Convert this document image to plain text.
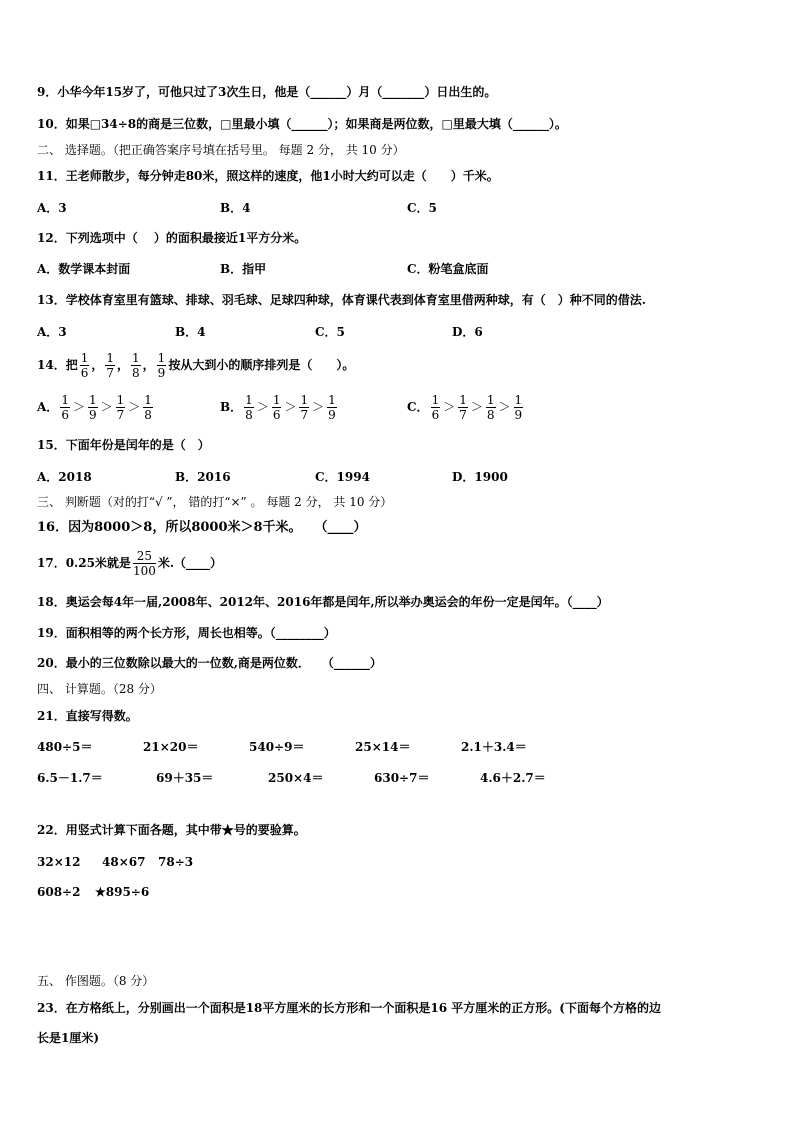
9．小华今年15岁了，可他只过了3次生日，他是（______）月（_______）日出生的。
10．如果□34÷8的商是三位数，□里最小填（______）；如果商是两位数，□里最大填（______）。
二、 选择题。（把正确答案序号填在括号里。 每题 2 分， 共 10 分）
11．王老师散步，每分钟走80米，照这样的速度，他1小时大约可以走（　　）千米。
A．3	B．4	C．5
12．下列选项中（　 ）的面积最接近1平方分米。
A．数学课本封面	B．指甲	C．粉笔盒底面
13．学校体育室里有篮球、排球、羽毛球、足球四种球，体育课代表到体育室里借两种球，有（　）种不同的借法.
A．3	B．4	C．5	D．6
14．把 $\frac{1}{6}$ ， $\frac{1}{7}$ ， $\frac{1}{8}$ ， $\frac{1}{9}$ 按从大到小的顺序排列是（　　）。
A． $\frac{1}{6} > \frac{1}{9} > \frac{1}{7} > \frac{1}{8}$	B． $\frac{1}{8} > \frac{1}{6} > \frac{1}{7} > \frac{1}{9}$	C． $\frac{1}{6} > \frac{1}{7} > \frac{1}{8} > \frac{1}{9}$
15．下面年份是闰年的是（　）
A．2018	B．2016	C．1994	D．1900
三、 判断题（对的打“√ ”， 错的打“×” 。 每题 2 分， 共 10 分）
16．因为8000＞8，所以8000米＞8千米。　　（____）
17．0.25米就是 $\frac{25}{100}$ 米.（____）
18．奥运会每4年一届,2008年、2012年、2016年都是闰年,所以举办奥运会的年份一定是闰年。（____）
19．面积相等的两个长方形，周长也相等。（________）
20．最小的三位数除以最大的一位数,商是两位数．　　（______）
四、 计算题。（28 分）
21．直接写得数。
480÷5＝	21×20＝	540÷9＝	25×14＝	2.1＋3.4＝
6.5－1.7＝	69＋35＝	250×4＝	630÷7＝	4.6＋2.7＝
22．用竖式计算下面各题，其中带★号的要验算。
32×12 48×67 78÷3
608÷2 ★895÷6
五、 作图题。（8 分）
23．在方格纸上，分别画出一个面积是18平方厘米的长方形和一个面积是16 平方厘米的正方形。(下面每个方格的边
长是1厘米)
